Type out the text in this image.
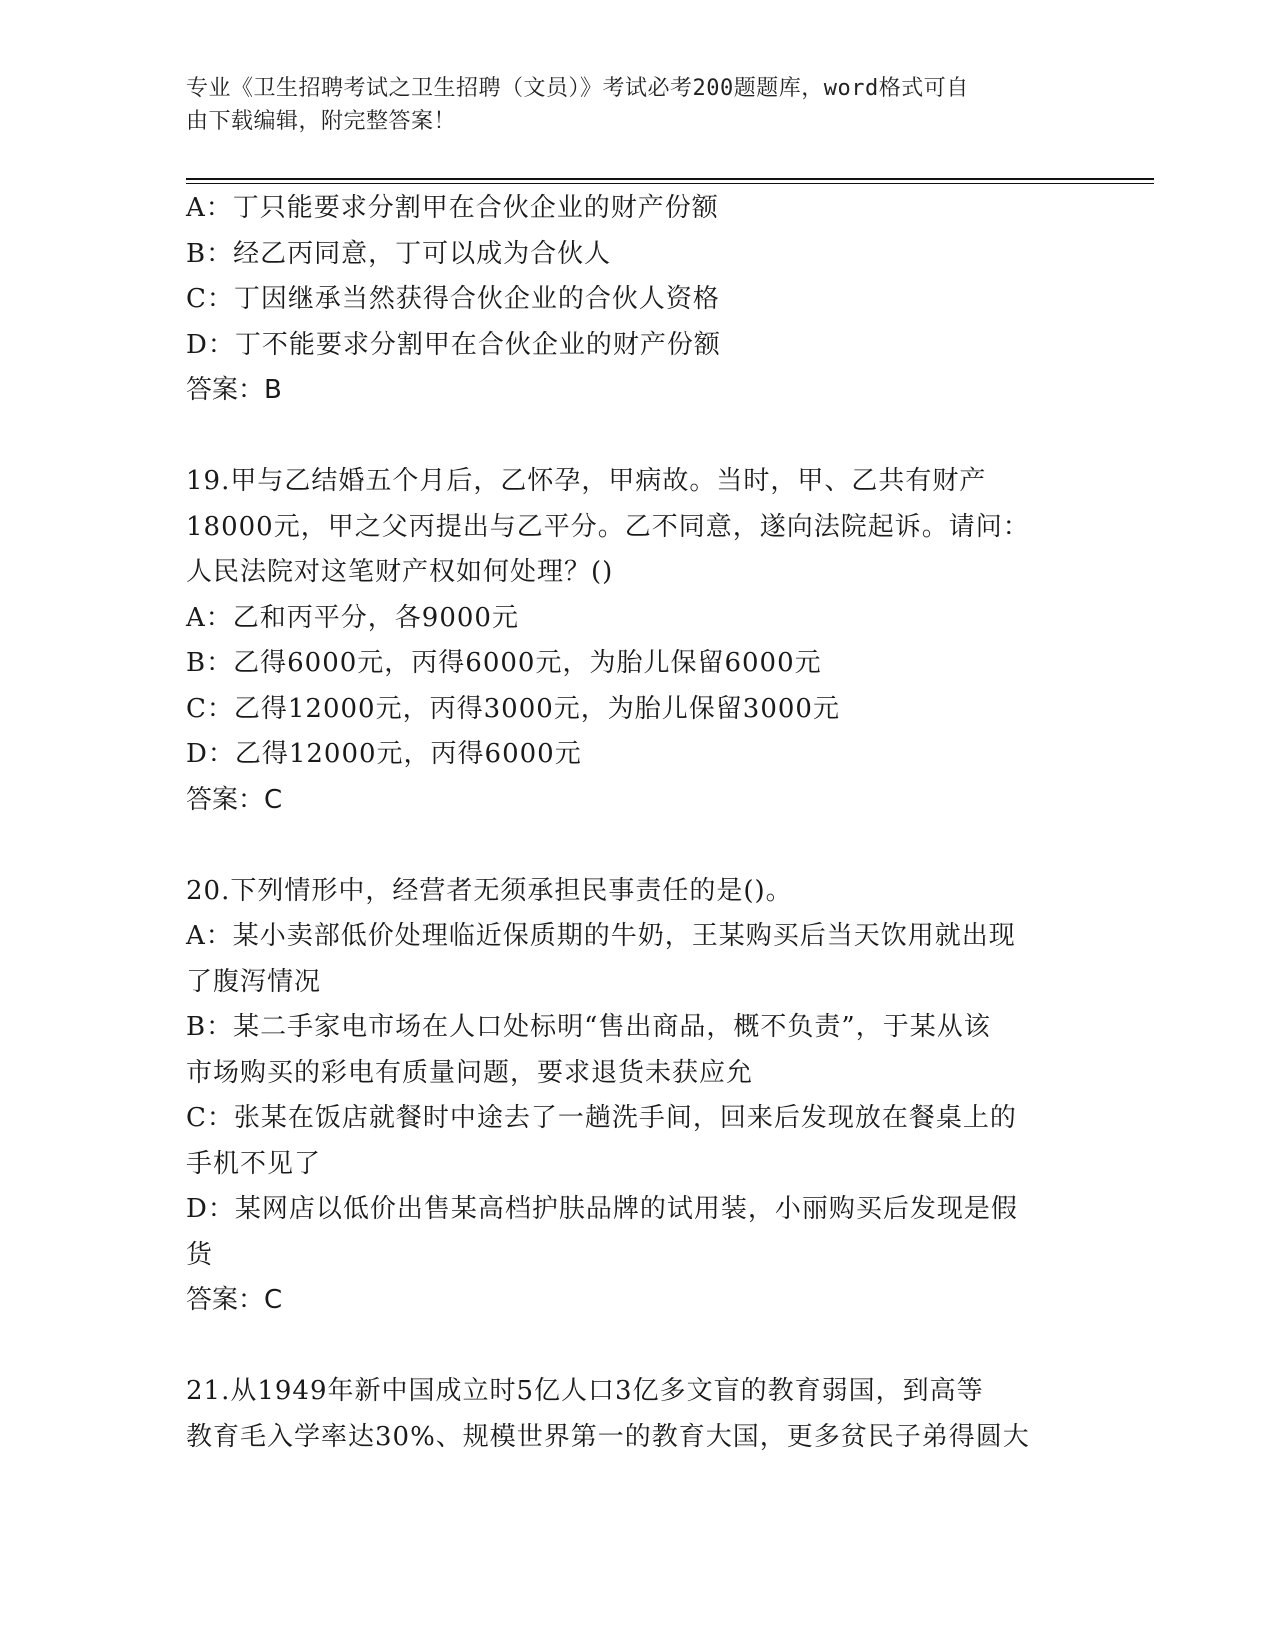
专业《卫生招聘考试之卫生招聘（文员）》考试必考200题题库，word格式可自
由下载编辑，附完整答案！
A：丁只能要求分割甲在合伙企业的财产份额
B：经乙丙同意，丁可以成为合伙人
C：丁因继承当然获得合伙企业的合伙人资格
D：丁不能要求分割甲在合伙企业的财产份额
答案：B
19.甲与乙结婚五个月后，乙怀孕，甲病故。当时，甲、乙共有财产
18000元，甲之父丙提出与乙平分。乙不同意，遂向法院起诉。请问：
人民法院对这笔财产权如何处理？()
A：乙和丙平分，各9000元
B：乙得6000元，丙得6000元，为胎儿保留6000元
C：乙得12000元，丙得3000元，为胎儿保留3000元
D：乙得12000元，丙得6000元
答案：C
20.下列情形中，经营者无须承担民事责任的是()。
A：某小卖部低价处理临近保质期的牛奶，王某购买后当天饮用就出现
了腹泻情况
B：某二手家电市场在人口处标明“售出商品，概不负责”，于某从该
市场购买的彩电有质量问题，要求退货未获应允
C：张某在饭店就餐时中途去了一趟洗手间，回来后发现放在餐桌上的
手机不见了
D：某网店以低价出售某高档护肤品牌的试用装，小丽购买后发现是假
货
答案：C
21.从1949年新中国成立时5亿人口3亿多文盲的教育弱国，到高等
教育毛入学率达30%、规模世界第一的教育大国，更多贫民子弟得圆大
